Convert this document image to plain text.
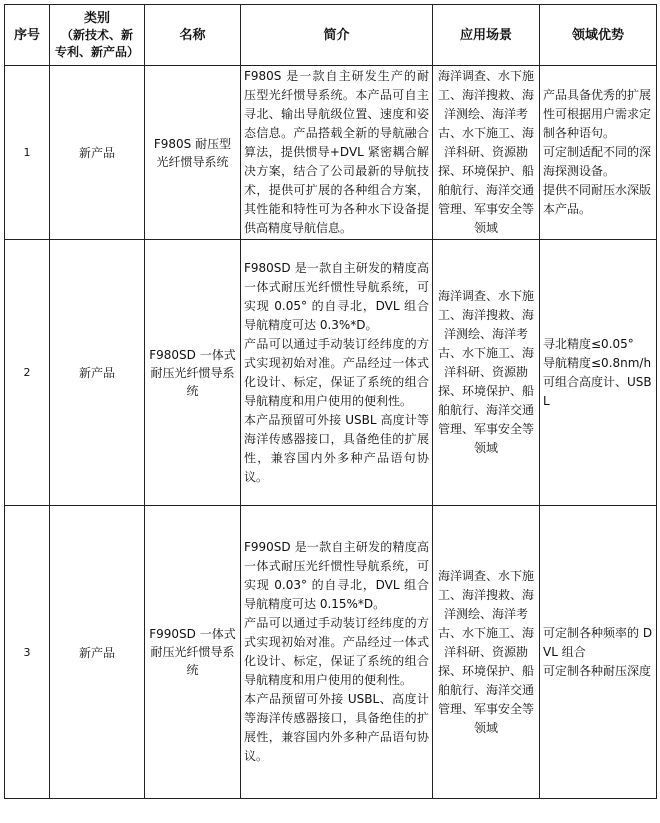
序号	类别
（新技术、新
专利、新产品）	名称	简介	应用场景	领域优势
1	新产品	F980S 耐压型光纤惯导系统	F980S 是一款自主研发生产的耐压型光纤惯导系统。本产品可自主寻北、输出导航级位置、速度和姿态信息。产品搭载全新的导航融合算法，提供惯导+DVL 紧密耦合解决方案，结合了公司最新的导航技术，提供可扩展的各种组合方案，其性能和特性可为各种水下设备提供高精度导航信息。	海洋调查、水下施工、海洋搜救、海洋测绘、海洋考古、水下施工、海洋科研、资源勘探、环境保护、船舶航行、海洋交通管理、军事安全等领域	产品具备优秀的扩展性可根据用户需求定制各种语句。
可定制适配不同的深海探测设备。
提供不同耐压水深版本产品。

2	新产品	F980SD 一体式耐压光纤惯导系统	F980SD 是一款自主研发的精度高一体式耐压光纤惯性导航系统，可实现 0.05° 的自寻北，DVL 组合导航精度可达 0.3%*D。
产品可以通过手动装订经纬度的方式实现初始对准。产品经过一体式化设计、标定，保证了系统的组合导航精度和用户使用的便利性。
本产品预留可外接 USBL 高度计等海洋传感器接口，具备绝佳的扩展性，兼容国内外多种产品语句协议。	海洋调查、水下施工、海洋搜救、海洋测绘、海洋考古、水下施工、海洋科研、资源勘探、环境保护、船舶航行、海洋交通管理、军事安全等领域	寻北精度≤0.05°
导航精度≤0.8nm/h
可组合高度计、USBL

3	新产品	F990SD 一体式耐压光纤惯导系统	F990SD 是一款自主研发的精度高一体式耐压光纤惯性导航系统，可实现 0.03° 的自寻北，DVL 组合导航精度可达 0.15%*D。
产品可以通过手动装订经纬度的方式实现初始对准。产品经过一体式化设计、标定，保证了系统的组合导航精度和用户使用的便利性。
本产品预留可外接 USBL、高度计等海洋传感器接口，具备绝佳的扩展性，兼容国内外多种产品语句协议。	海洋调查、水下施工、海洋搜救、海洋测绘、海洋考古、水下施工、海洋科研、资源勘探、环境保护、船舶航行、海洋交通管理、军事安全等领域	可定制各种频率的 DVL 组合
可定制各种耐压深度
